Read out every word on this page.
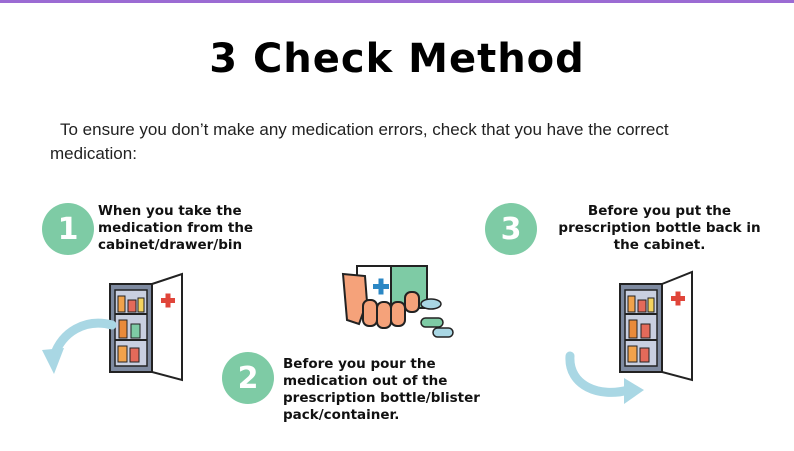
3 Check Method
To ensure you don’t make any medication errors, check that you have the correct medication:
1
When you take the medication from the cabinet/drawer/bin
2	Before you pour the medication out of the prescription bottle/blister pack/container.
3
Before you put the prescription bottle back in the cabinet.
